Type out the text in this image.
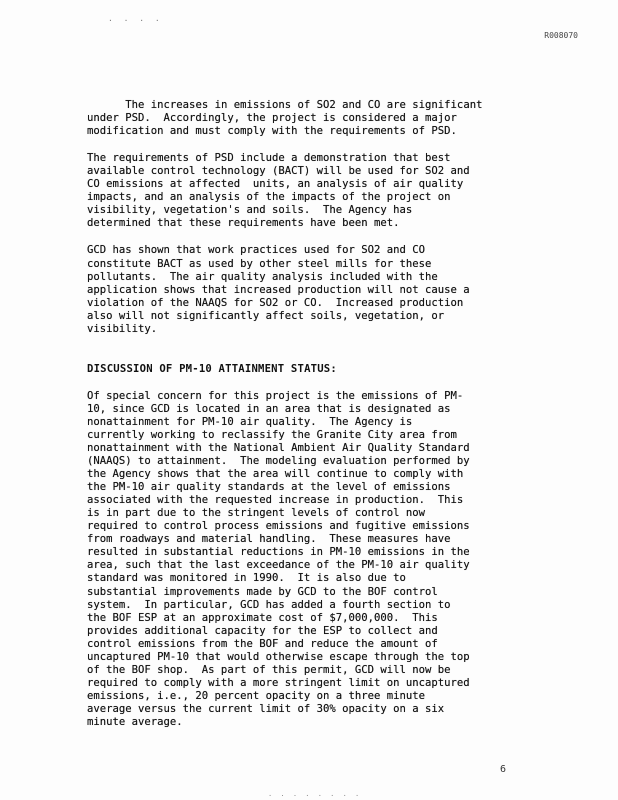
. . . .
R008070

The increases in emissions of SO2 and CO are significant
under PSD.  Accordingly, the project is considered a major
modification and must comply with the requirements of PSD.

The requirements of PSD include a demonstration that best
available control technology (BACT) will be used for SO2 and
CO emissions at affected  units, an analysis of air quality
impacts, and an analysis of the impacts of the project on
visibility, vegetation's and soils.  The Agency has
determined that these requirements have been met.

GCD has shown that work practices used for SO2 and CO
constitute BACT as used by other steel mills for these
pollutants.  The air quality analysis included with the
application shows that increased production will not cause a
violation of the NAAQS for SO2 or CO.  Increased production
also will not significantly affect soils, vegetation, or
visibility.

DISCUSSION OF PM-10 ATTAINMENT STATUS:

Of special concern for this project is the emissions of PM-
10, since GCD is located in an area that is designated as
nonattainment for PM-10 air quality.  The Agency is
currently working to reclassify the Granite City area from
nonattainment with the National Ambient Air Quality Standard
(NAAQS) to attainment.  The modeling evaluation performed by
the Agency shows that the area will continue to comply with
the PM-10 air quality standards at the level of emissions
associated with the requested increase in production.  This
is in part due to the stringent levels of control now
required to control process emissions and fugitive emissions
from roadways and material handling.  These measures have
resulted in substantial reductions in PM-10 emissions in the
area, such that the last exceedance of the PM-10 air quality
standard was monitored in 1990.  It is also due to
substantial improvements made by GCD to the BOF control
system.  In particular, GCD has added a fourth section to
the BOF ESP at an approximate cost of $7,000,000.  This
provides additional capacity for the ESP to collect and
control emissions from the BOF and reduce the amount of
uncaptured PM-10 that would otherwise escape through the top
of the BOF shop.  As part of this permit, GCD will now be
required to comply with a more stringent limit on uncaptured
emissions, i.e., 20 percent opacity on a three minute
average versus the current limit of 30% opacity on a six
minute average.

6
. . . . . . . .
